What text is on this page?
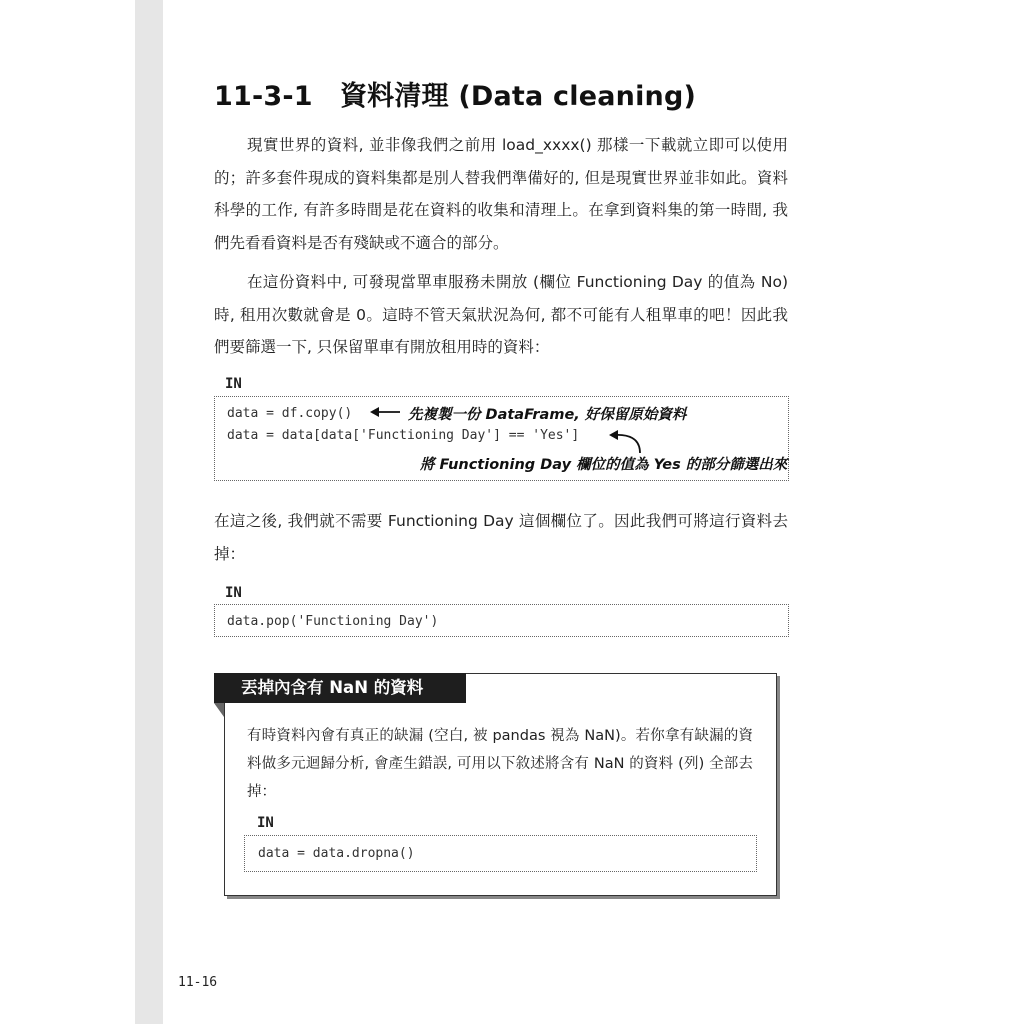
11-3-1　資料清理 (Data cleaning)

現實世界的資料, 並非像我們之前用 load_xxxx() 那樣一下載就立即可以使用的；許多套件現成的資料集都是別人替我們準備好的, 但是現實世界並非如此。資料科學的工作, 有許多時間是花在資料的收集和清理上。在拿到資料集的第一時間, 我們先看看資料是否有殘缺或不適合的部分。

在這份資料中, 可發現當單車服務未開放 (欄位 Functioning Day 的值為 No) 時, 租用次數就會是 0。這時不管天氣狀況為何, 都不可能有人租單車的吧！因此我們要篩選一下, 只保留單車有開放租用時的資料：

IN
data = df.copy()
data = data[data['Functioning Day'] == 'Yes']
先複製一份 DataFrame, 好保留原始資料
將 Functioning Day 欄位的值為 Yes 的部分篩選出來

在這之後, 我們就不需要 Functioning Day 這個欄位了。因此我們可將這行資料去掉：

IN
data.pop('Functioning Day')
丟掉內含有 NaN 的資料

有時資料內會有真正的缺漏 (空白, 被 pandas 視為 NaN)。若你拿有缺漏的資料做多元迴歸分析, 會產生錯誤, 可用以下敘述將含有 NaN 的資料 (列) 全部去掉：

IN
data = data.dropna()
11-16
